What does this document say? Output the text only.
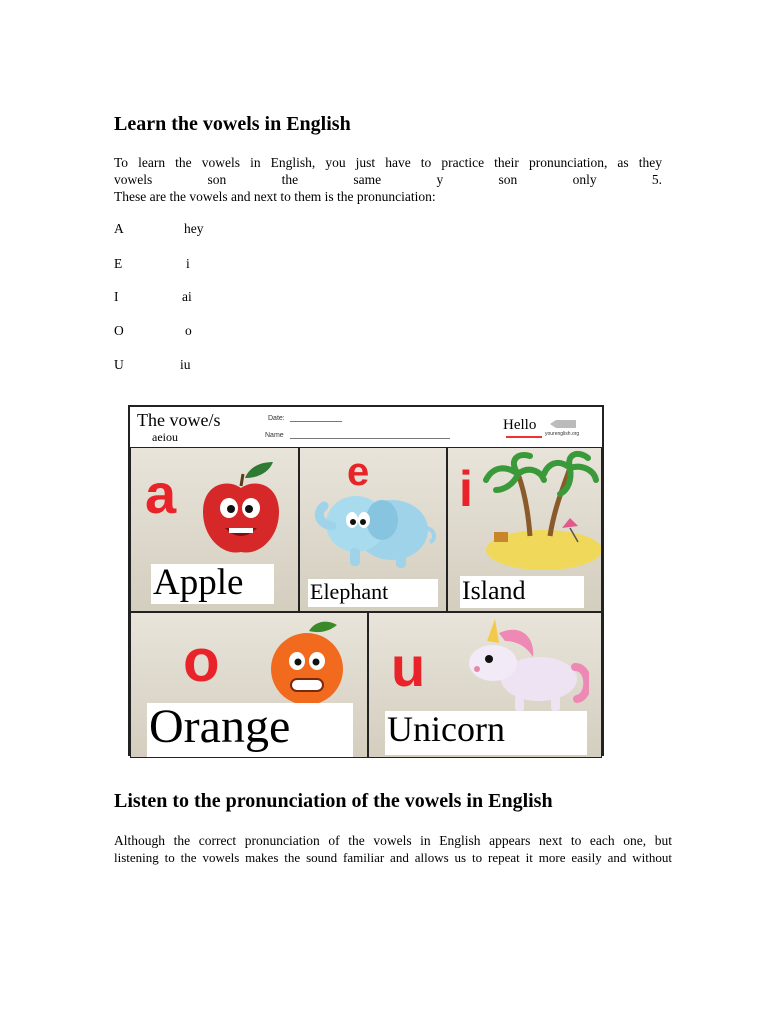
Learn the vowels in English
To learn the vowels in English, you just have to practice their pronunciation, as they
vowels	son	the	same	y	son	only	5.
These are the vowels and next to them is the pronunciation:
A	hey
E	i
I	ai
O	o
U	iu
The vowe/s
aeiou
Date:
Name
Hello
yourenglish.org
a
Apple
e
Elephant
i
Island
o
Orange
u
Unicorn
Listen to the pronunciation of the vowels in English
Although the correct pronunciation of the vowels in English appears next to each one, but
listening to the vowels makes the sound familiar and allows us to repeat it more easily and without
